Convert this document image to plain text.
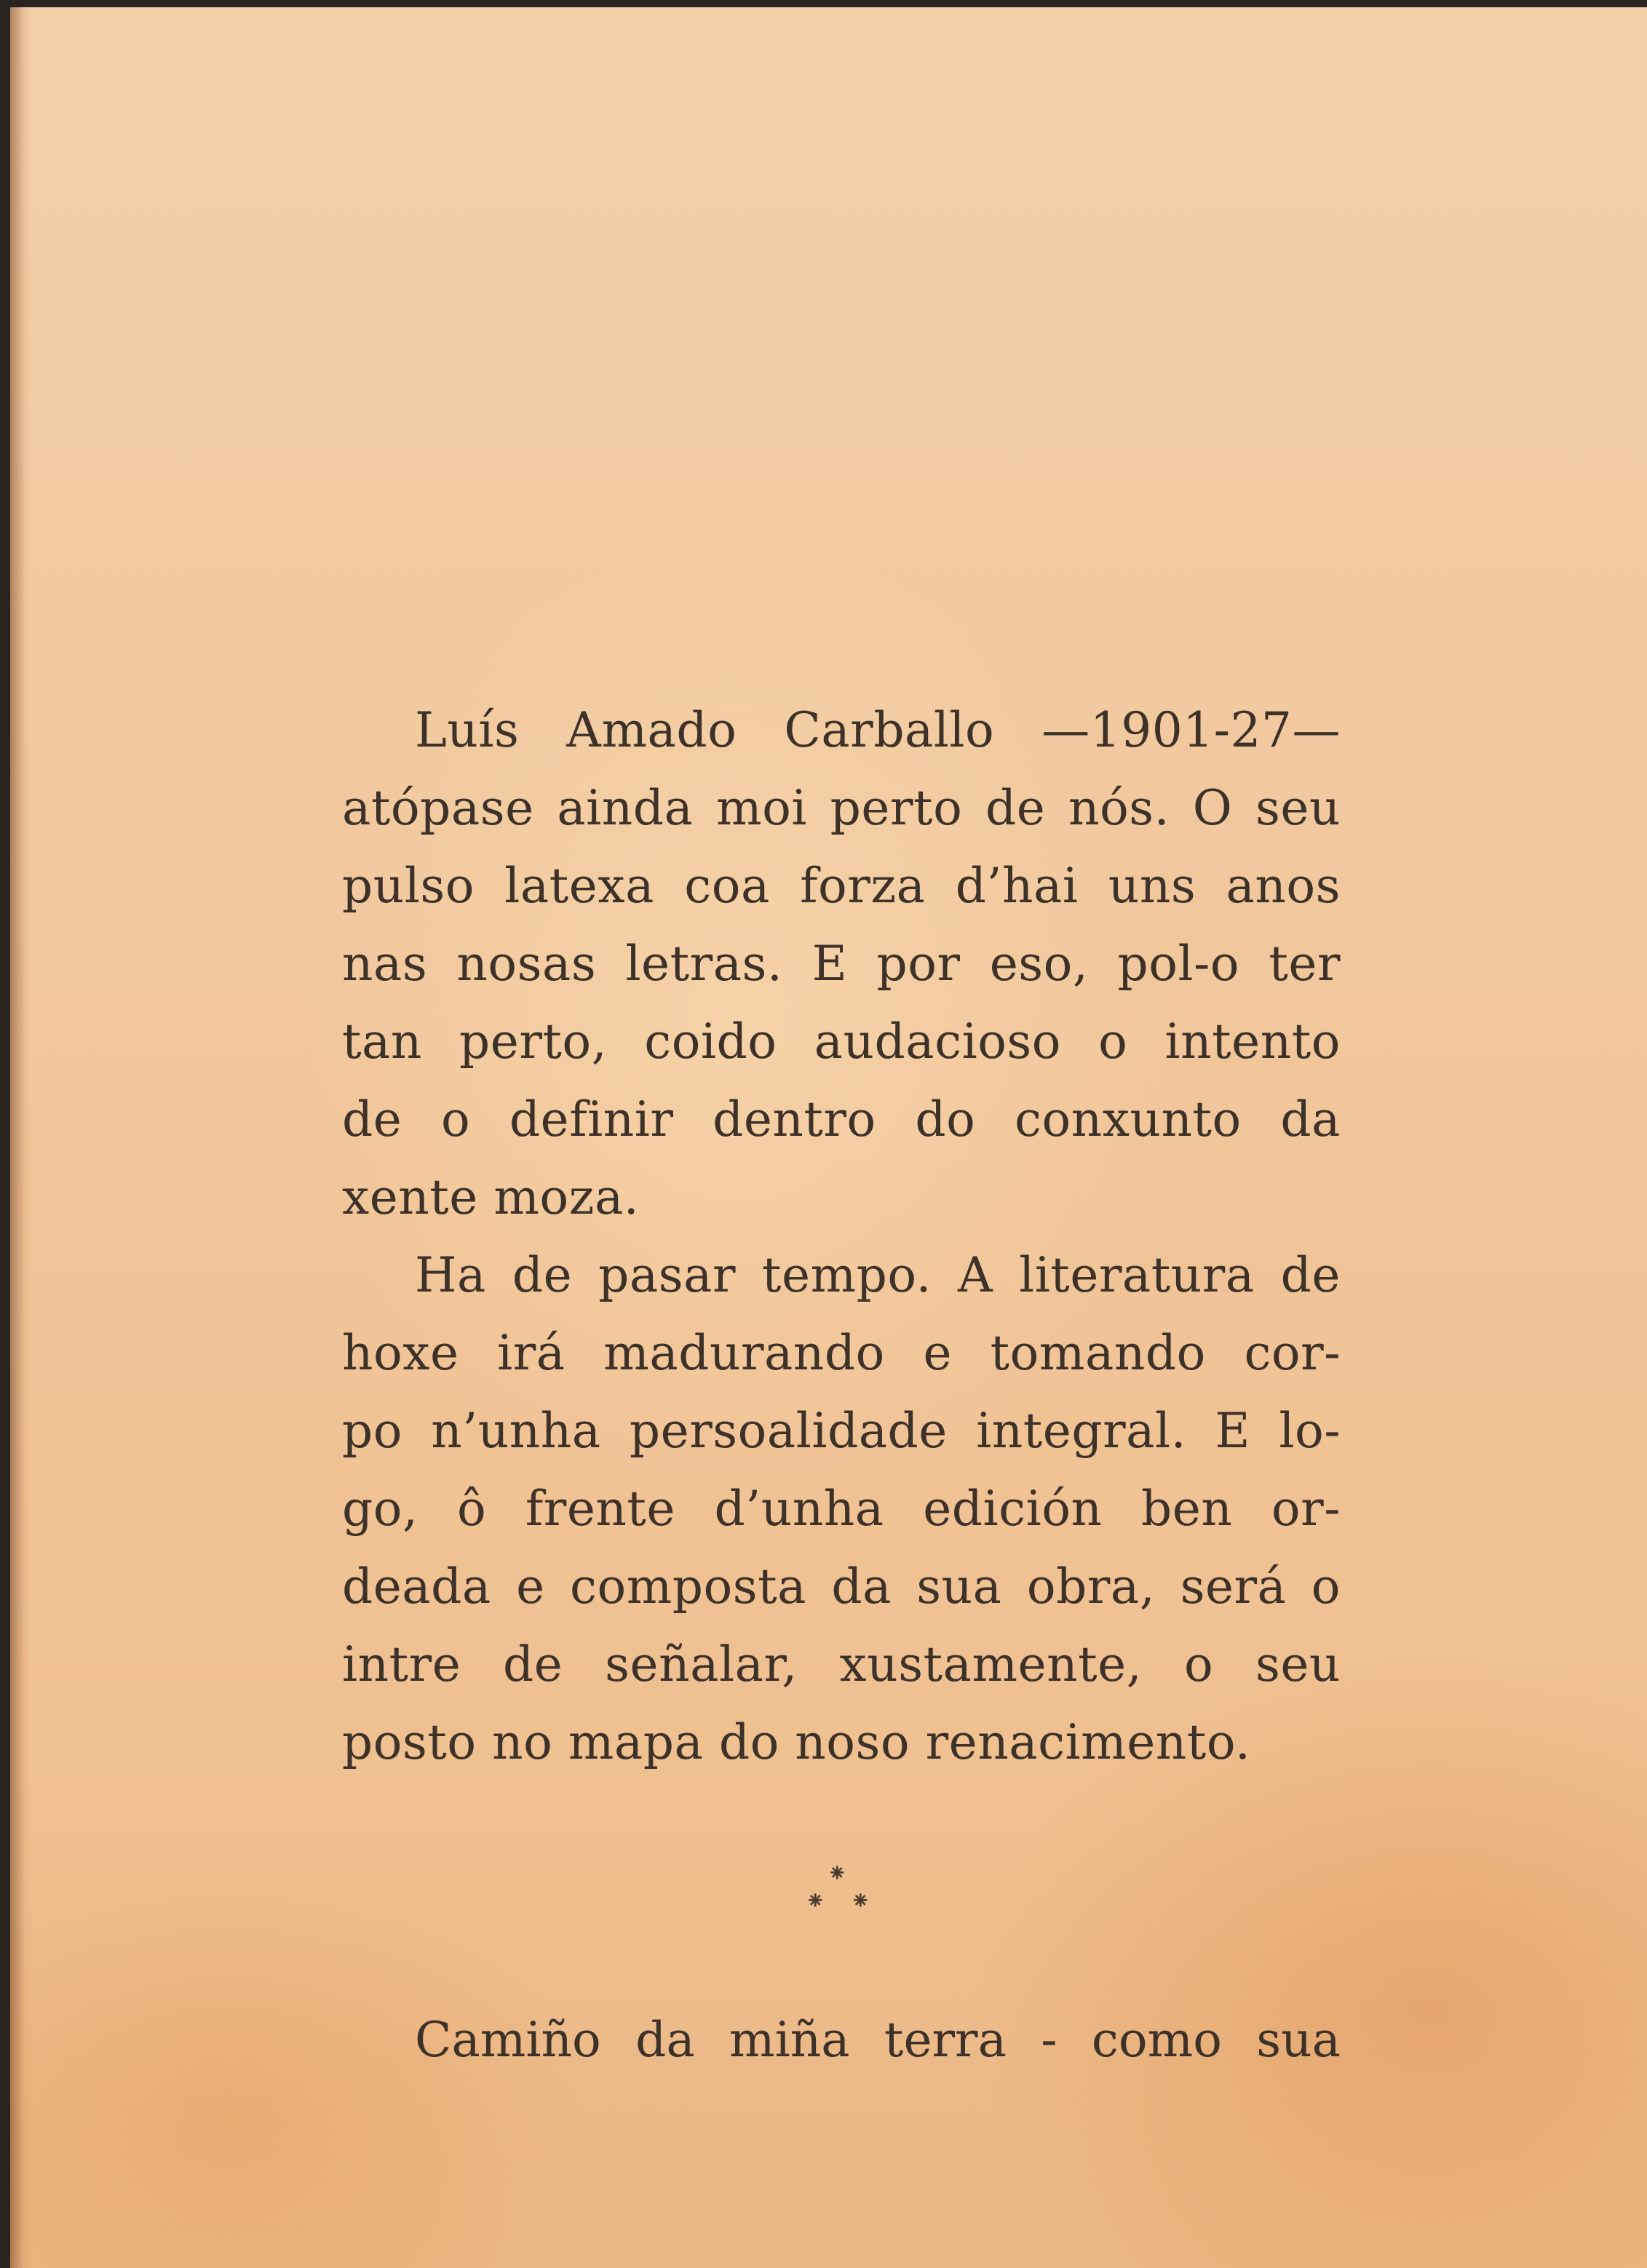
Luís Amado Carballo —1901-27—
atópase ainda moi perto de nós. O seu
pulso latexa coa forza d’hai uns anos
nas nosas letras. E por eso, pol-o ter
tan perto, coido audacioso o intento
de o definir dentro do conxunto da
xente moza.
Ha de pasar tempo. A literatura de
hoxe irá madurando e tomando cor-
po n’unha persoalidade integral. E lo-
go, ô frente d’unha edición ben or-
deada e composta da sua obra, será o
intre de señalar, xustamente, o seu
posto no mapa do noso renacimento.
⁕
⁕ ⁕
Camiño da miña terra - como sua
